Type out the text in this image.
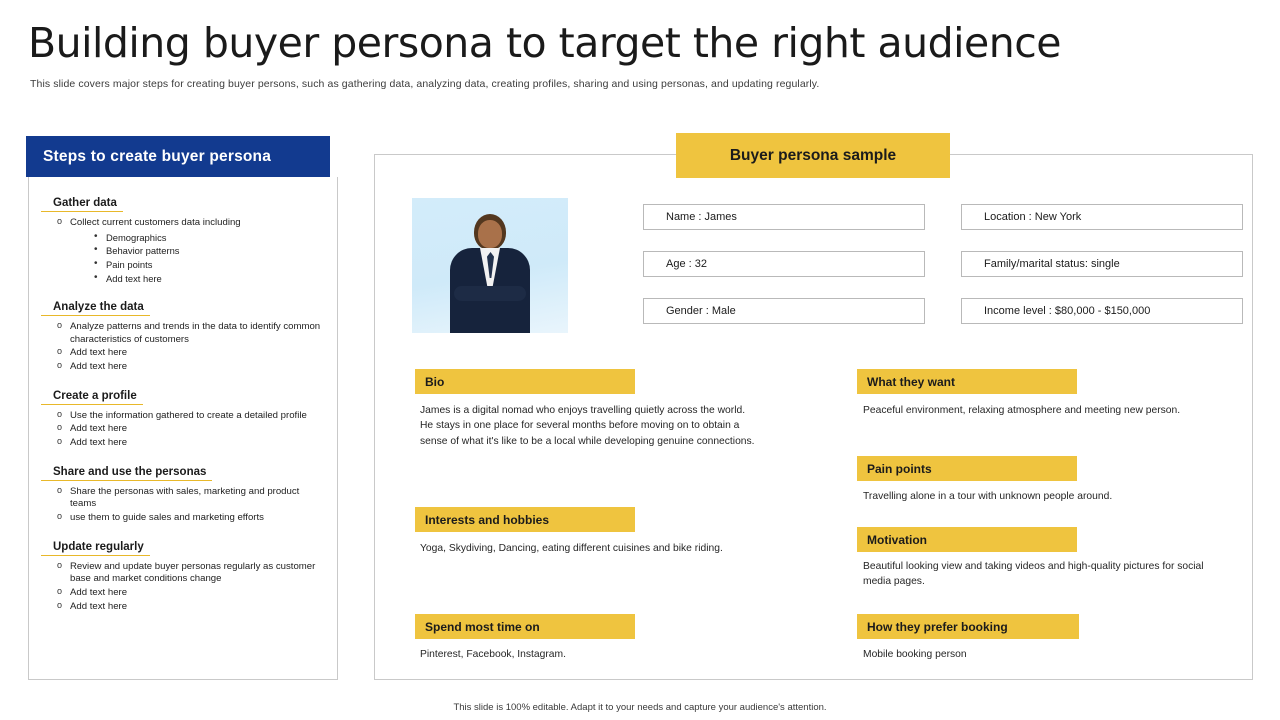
Building buyer persona to target the right audience
This slide covers major steps for creating buyer persons, such as gathering data, analyzing data, creating profiles, sharing and using personas, and updating regularly.
Steps to create buyer persona
Gather data
o Collect current customers data including
• Demographics
• Behavior patterns
• Pain points
• Add text here
Analyze the data
o Analyze patterns and trends in the data to identify common characteristics of customers
o Add text here
o Add text here
Create a profile
o Use the information gathered to create a detailed profile
o Add text here
o Add text here
Share and use the personas
o Share the personas with sales, marketing and product teams
o use them to guide sales and marketing efforts
Update regularly
o Review and update buyer personas regularly as customer base and market conditions change
o Add text here
o Add text here
Buyer persona sample
Name : James
Age : 32
Gender : Male
Location : New York
Family/marital status: single
Income level : $80,000 - $150,000
Bio
James is a digital nomad who enjoys travelling quietly across the world. He stays in one place for several months before moving on to obtain a sense of what it's like to be a local while developing genuine connections.
Interests and hobbies
Yoga, Skydiving, Dancing, eating different cuisines and bike riding.
Spend most time on
Pinterest, Facebook, Instagram.
What they want
Peaceful environment, relaxing atmosphere and meeting new person.
Pain points
Travelling alone in a tour with unknown people around.
Motivation
Beautiful looking view and taking videos and high-quality pictures for social media pages.
How they prefer booking
Mobile booking person
This slide is 100% editable. Adapt it to your needs and capture your audience's attention.
